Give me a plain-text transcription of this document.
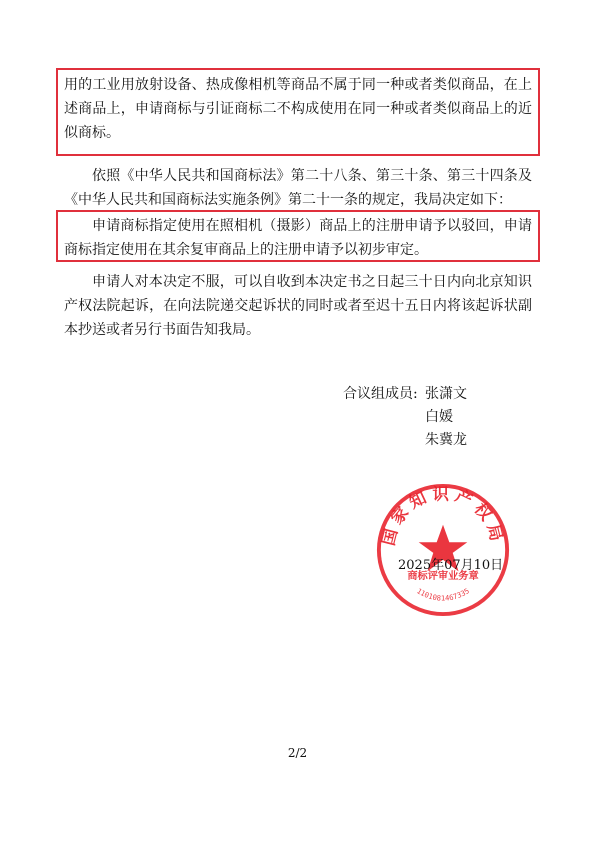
用的工业用放射设备、热成像相机等商品不属于同一种或者类似商品，在上述商品上，申请商标与引证商标二不构成使用在同一种或者类似商品上的近似商标。

依照《中华人民共和国商标法》第二十八条、第三十条、第三十四条及《中华人民共和国商标法实施条例》第二十一条的规定，我局决定如下：

申请商标指定使用在照相机（摄影）商品上的注册申请予以驳回，申请商标指定使用在其余复审商品上的注册申请予以初步审定。

申请人对本决定不服，可以自收到本决定书之日起三十日内向北京知识产权法院起诉，在向法院递交起诉状的同时或者至迟十五日内将该起诉状副本抄送或者另行书面告知我局。

合议组成员: 张潇文
白媛
朱冀龙
国家知识产权局
商标评审业务章
1101081467335
2025年07月10日
2/2
